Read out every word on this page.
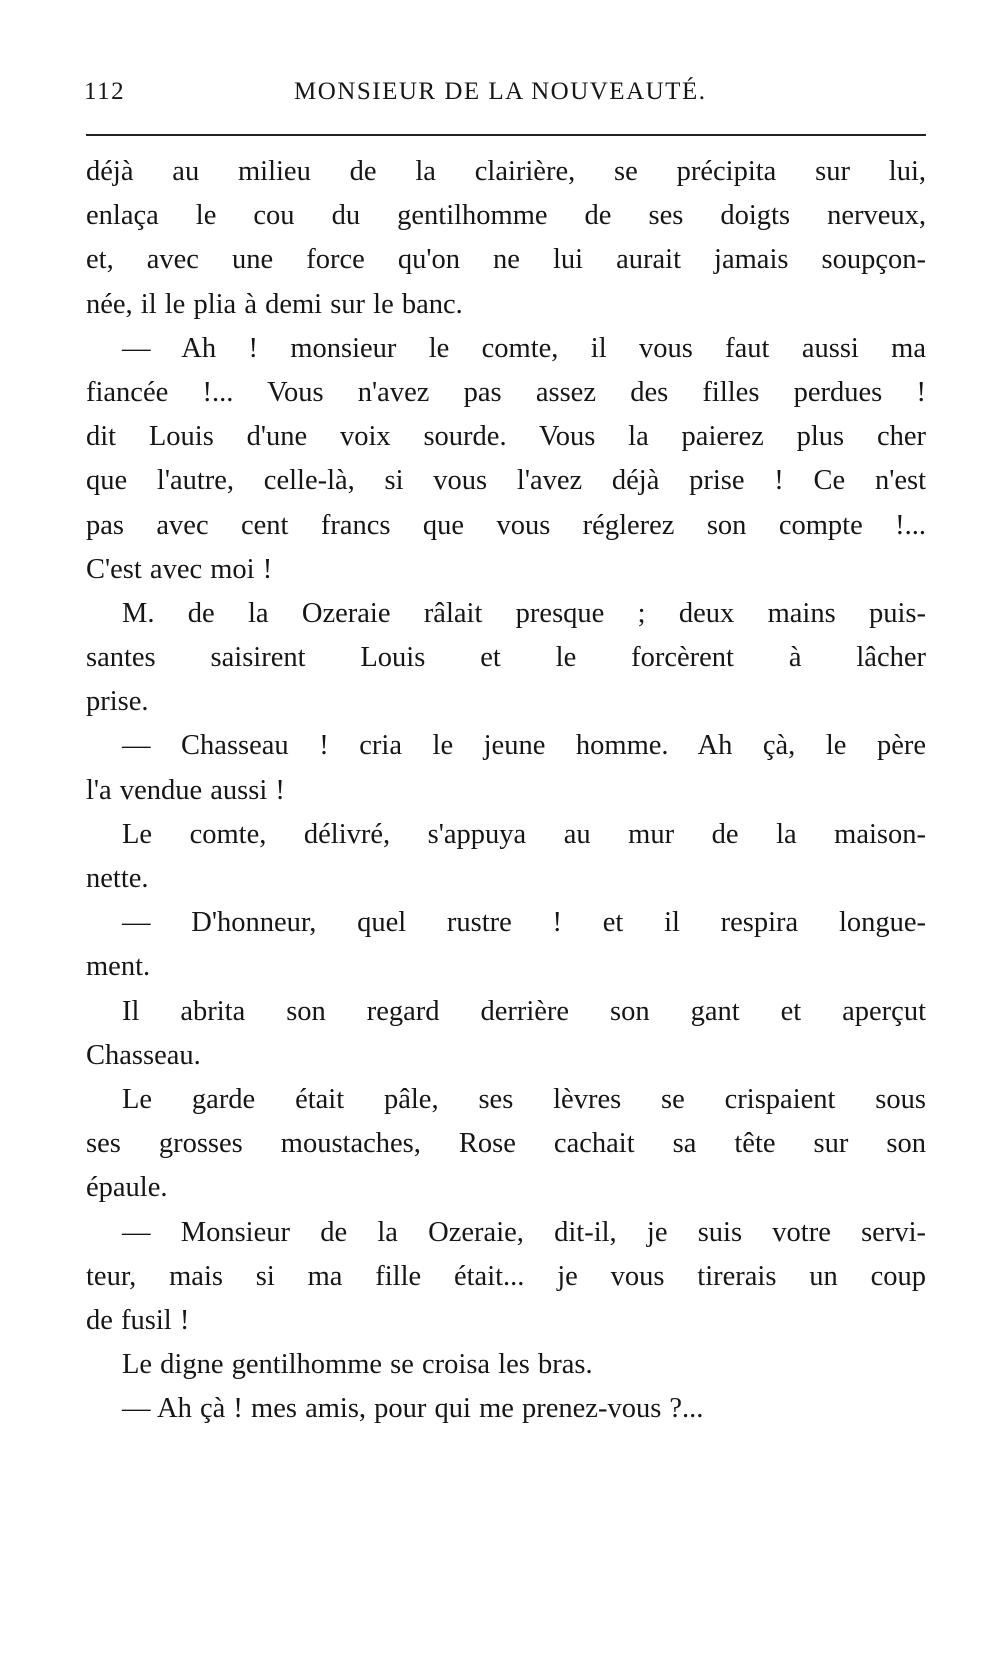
112	MONSIEUR DE LA NOUVEAUTÉ.
déjà au milieu de la clairière, se précipita sur lui,
enlaça le cou du gentilhomme de ses doigts nerveux,
et, avec une force qu'on ne lui aurait jamais soupçon-
née, il le plia à demi sur le banc.
— Ah ! monsieur le comte, il vous faut aussi ma
fiancée !... Vous n'avez pas assez des filles perdues !
dit Louis d'une voix sourde. Vous la paierez plus cher
que l'autre, celle-là, si vous l'avez déjà prise ! Ce n'est
pas avec cent francs que vous réglerez son compte !...
C'est avec moi !
M. de la Ozeraie râlait presque ; deux mains puis-
santes saisirent Louis et le forcèrent à lâcher
prise.
— Chasseau ! cria le jeune homme. Ah çà, le père
l'a vendue aussi !
Le comte, délivré, s'appuya au mur de la maison-
nette.
— D'honneur, quel rustre ! et il respira longue-
ment.
Il abrita son regard derrière son gant et aperçut
Chasseau.
Le garde était pâle, ses lèvres se crispaient sous
ses grosses moustaches, Rose cachait sa tête sur son
épaule.
— Monsieur de la Ozeraie, dit-il, je suis votre servi-
teur, mais si ma fille était... je vous tirerais un coup
de fusil !
Le digne gentilhomme se croisa les bras.
— Ah çà ! mes amis, pour qui me prenez-vous ?...
